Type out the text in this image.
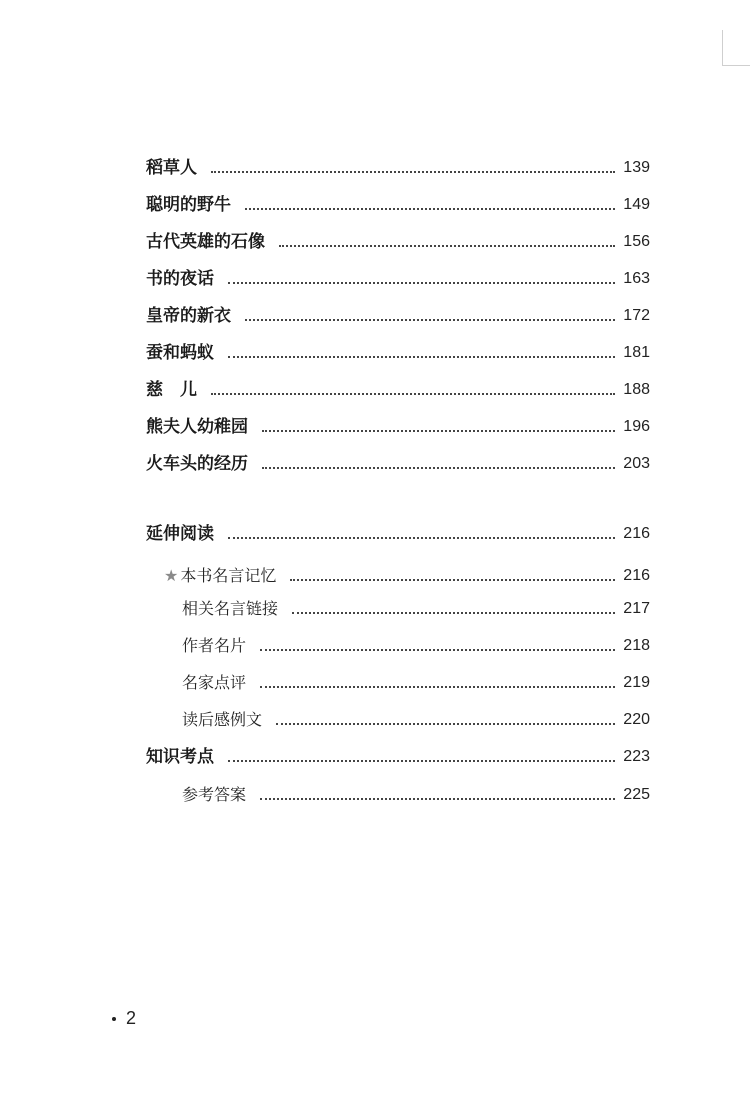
稻草人	139
聪明的野牛	149
古代英雄的石像	156
书的夜话	163
皇帝的新衣	172
蚕和蚂蚁	181
慈　儿	188
熊夫人幼稚园	196
火车头的经历	203
延伸阅读	216
★ 本书名言记忆	216
相关名言链接	217
作者名片	218
名家点评	219
读后感例文	220
知识考点	223
参考答案	225
2
